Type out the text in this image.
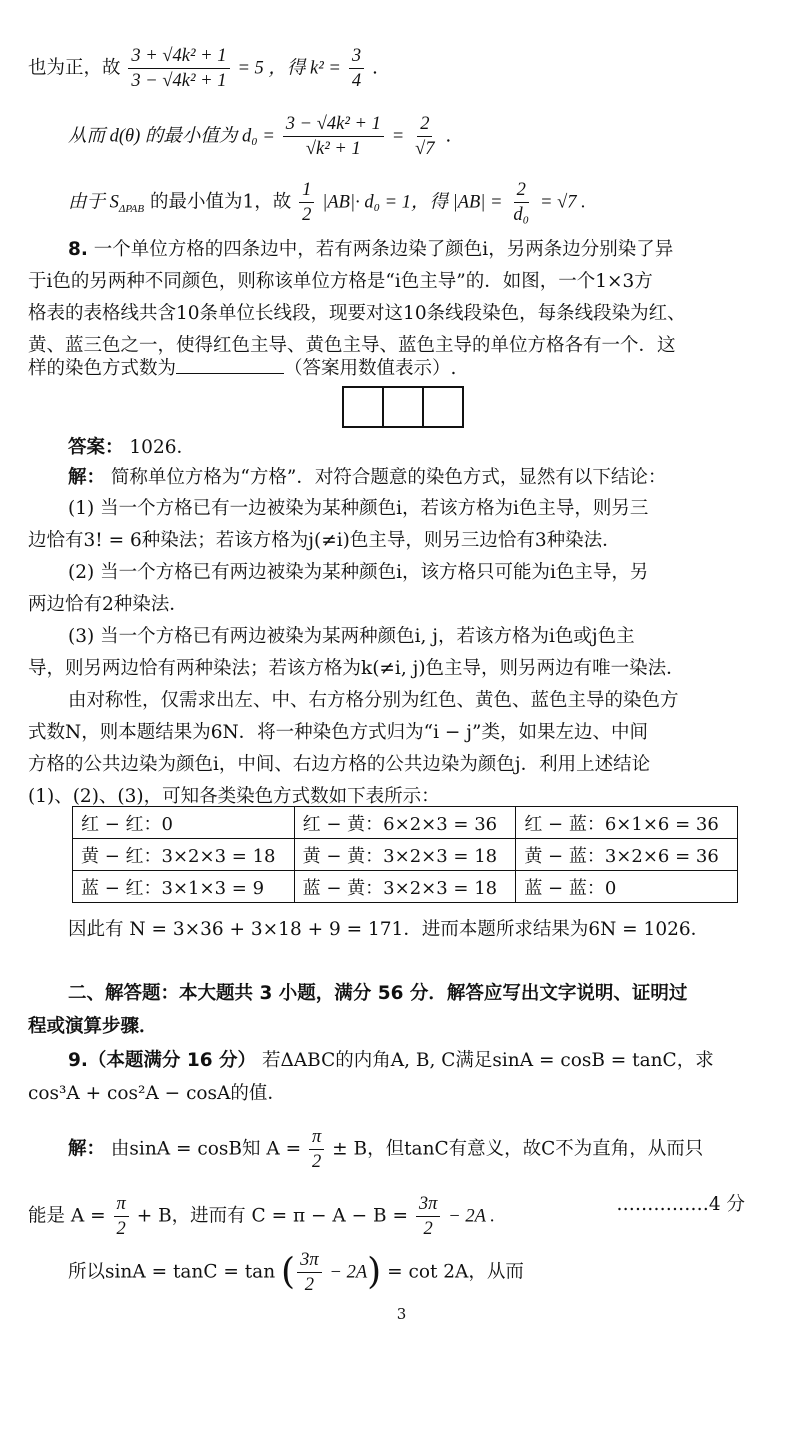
也为正，故 $\frac{\text{3 + √4k² + 1}}{\text{3 − √4k² + 1}} = 5$ ，得 $k^2 = \frac{3}{4}$ .
从而 d(θ) 的最小值为 $d_0 = \frac{\text{3 − √4k² + 1}}{\text{√k² + 1}} = \frac{2}{√7}$ .
由于 $S_{\Delta PAB}$ 的最小值为1，故 $\frac{1}{2} |AB|\cdot d_0 = 1$，得 $|AB| = \frac{2}{\text{d₀}} = √7$ .
8. 一个单位方格的四条边中，若有两条边染了颜色i，另两条边分别染了异
于i色的另两种不同颜色，则称该单位方格是“i色主导”的．如图，一个1×3方
格表的表格线共含10条单位长线段，现要对这10条线段染色，每条线段染为红、
黄、蓝三色之一，使得红色主导、黄色主导、蓝色主导的单位方格各有一个．这
样的染色方式数为	（答案用数值表示）.
答案： 1026．
解： 简称单位方格为“方格”．对符合题意的染色方式，显然有以下结论：
(1) 当一个方格已有一边被染为某种颜色i，若该方格为i色主导，则另三
边恰有3! = 6种染法；若该方格为j(≠i)色主导，则另三边恰有3种染法．
(2) 当一个方格已有两边被染为某种颜色i，该方格只可能为i色主导，另
两边恰有2种染法．
(3) 当一个方格已有两边被染为某两种颜色i, j，若该方格为i色或j色主
导，则另两边恰有两种染法；若该方格为k(≠i, j)色主导，则另两边有唯一染法．
由对称性，仅需求出左、中、右方格分别为红色、黄色、蓝色主导的染色方
式数N，则本题结果为6N．将一种染色方式归为“i − j”类，如果左边、中间
方格的公共边染为颜色i，中间、右边方格的公共边染为颜色j．利用上述结论
(1)、(2)、(3)，可知各类染色方式数如下表所示：
红 − 红：0	红 − 黄：6×2×3 = 36	红 − 蓝：6×1×6 = 36
黄 − 红：3×2×3 = 18	黄 − 黄：3×2×3 = 18	黄 − 蓝：3×2×6 = 36
蓝 − 红：3×1×3 = 9	蓝 − 黄：3×2×3 = 18	蓝 − 蓝：0
因此有 N = 3×36 + 3×18 + 9 = 171．进而本题所求结果为6N = 1026．
二、解答题：本大题共 3 小题，满分 56 分．解答应写出文字说明、证明过
程或演算步骤．
9.（本题满分 16 分） 若ΔABC的内角A, B, C满足sinA = cosB = tanC，求
cos³A + cos²A − cosA的值．
解： 由sinA = cosB知 $A = \frac{\pi}{2} \pm B$，但tanC有意义，故C不为直角，从而只
能是 $A = \frac{\pi}{2} + B$，进而有 $C = \pi - A - B = \frac{3\pi}{2} - 2A$ .
……………4 分
所以sinA = tanC = tan ( $\frac{3\pi}{2} - 2A) = \cot 2A$，从而
3
